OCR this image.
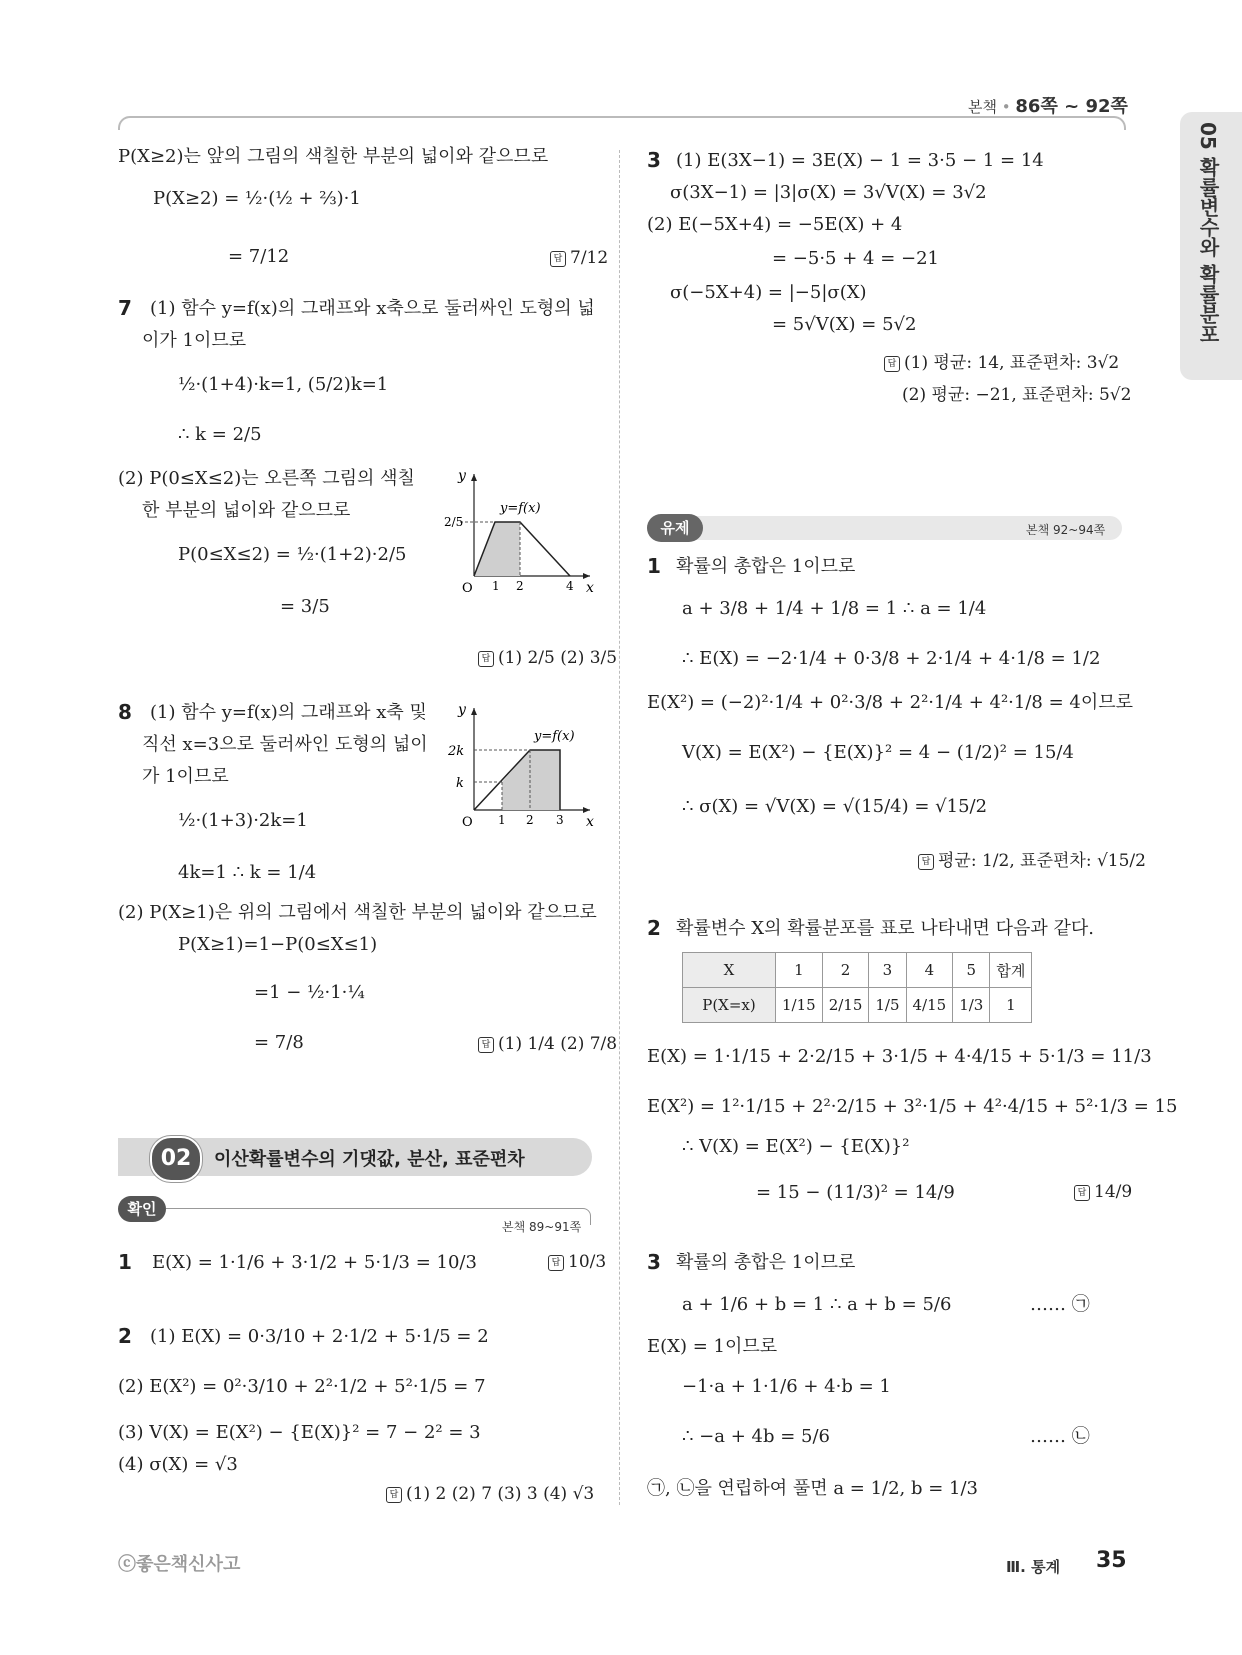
본책 • 86쪽 ~ 92쪽
05 확률변수와 확률분포
P(X≥2)는 앞의 그림의 색칠한 부분의 넓이와 같으므로
P(X≥2) = ½·(½ + ⅔)·1
= 7/12	답 7/12
7 (1) 함수 y=f(x)의 그래프와 x축으로 둘러싸인 도형의 넓
이가 1이므로
½·(1+4)·k=1, (5/2)k=1
∴ k = 2/5
(2) P(0≤X≤2)는 오른쪽 그림의 색칠
한 부분의 넓이와 같으므로
P(0≤X≤2) = ½·(1+2)·2/5
= 3/5
y
x
y=f(x)
2/5
O 1 2	4
답 (1) 2/5 (2) 3/5
8 (1) 함수 y=f(x)의 그래프와 x축 및
직선 x=3으로 둘러싸인 도형의 넓이
가 1이므로
½·(1+3)·2k=1
4k=1 ∴ k = 1/4
y
x
y=f(x)
2k
k
O 1 2 3
(2) P(X≥1)은 위의 그림에서 색칠한 부분의 넓이와 같으므로
P(X≥1)=1−P(0≤X≤1)
=1 − ½·1·¼
= 7/8	답 (1) 1/4 (2) 7/8
02	이산확률변수의 기댓값, 분산, 표준편차
확인
본책 89~91쪽
1 E(X) = 1·1/6 + 3·1/2 + 5·1/3 = 10/3	답 10/3
2 (1) E(X) = 0·3/10 + 2·1/2 + 5·1/5 = 2
(2) E(X²) = 0²·3/10 + 2²·1/2 + 5²·1/5 = 7
(3) V(X) = E(X²) − {E(X)}² = 7 − 2² = 3
(4) σ(X) = √3
답 (1) 2 (2) 7 (3) 3 (4) √3
3 (1) E(3X−1) = 3E(X) − 1 = 3·5 − 1 = 14
σ(3X−1) = |3|σ(X) = 3√V(X) = 3√2
(2) E(−5X+4) = −5E(X) + 4
= −5·5 + 4 = −21
σ(−5X+4) = |−5|σ(X)
= 5√V(X) = 5√2
답 (1) 평균: 14, 표준편차: 3√2
(2) 평균: −21, 표준편차: 5√2
유제	본책 92~94쪽
1 확률의 총합은 1이므로
a + 3/8 + 1/4 + 1/8 = 1 ∴ a = 1/4
∴ E(X) = −2·1/4 + 0·3/8 + 2·1/4 + 4·1/8 = 1/2
E(X²) = (−2)²·1/4 + 0²·3/8 + 2²·1/4 + 4²·1/8 = 4이므로
V(X) = E(X²) − {E(X)}² = 4 − (1/2)² = 15/4
∴ σ(X) = √V(X) = √(15/4) = √15/2
답 평균: 1/2, 표준편차: √15/2
2 확률변수 X의 확률분포를 표로 나타내면 다음과 같다.
X	1	2	3	4	5	합계
P(X=x)	1/15	2/15	1/5	4/15	1/3	1
E(X) = 1·1/15 + 2·2/15 + 3·1/5 + 4·4/15 + 5·1/3 = 11/3
E(X²) = 1²·1/15 + 2²·2/15 + 3²·1/5 + 4²·4/15 + 5²·1/3 = 15
∴ V(X) = E(X²) − {E(X)}²
= 15 − (11/3)² = 14/9	답 14/9
3 확률의 총합은 1이므로
a + 1/6 + b = 1 ∴ a + b = 5/6	…… ㉠
E(X) = 1이므로
−1·a + 1·1/6 + 4·b = 1
∴ −a + 4b = 5/6	…… ㉡
㉠, ㉡을 연립하여 풀면 a = 1/2, b = 1/3
ⓒ좋은책신사고	Ⅲ. 통계 35
